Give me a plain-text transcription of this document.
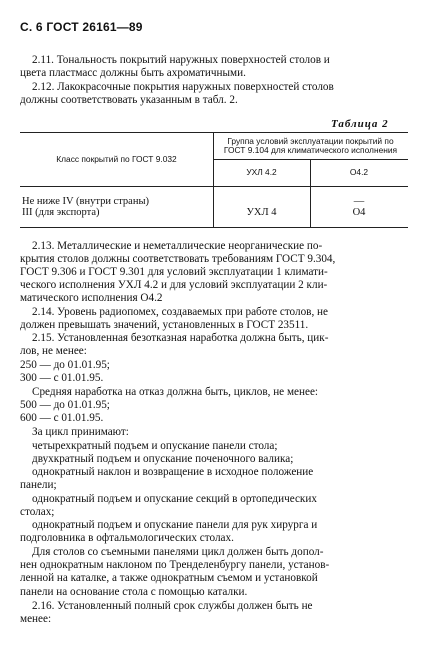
С. 6 ГОСТ 26161—89
2.11. Тональность покрытий наружных поверхностей столов и
цвета пластмасс должны быть ахроматичными.
2.12. Лакокрасочные покрытия наружных поверхностей столов
должны соответствовать указанным в табл. 2.
Таблица 2
Класс покрытий по ГОСТ 9.032
Группа условий эксплуатации покрытий по
ГОСТ 9.104 для климатического исполнения
УХЛ 4.2	О4.2
Не ниже IV (внутри страны)
III (для экспорта)	УХЛ 4
—
О4
2.13. Металлические и неметаллические неорганические по-
крытия столов должны соответствовать требованиям ГОСТ 9.304,
ГОСТ 9.306 и ГОСТ 9.301 для условий эксплуатации 1 климати-
ческого исполнения УХЛ 4.2 и для условий эксплуатации 2 кли-
матического исполнения О4.2
2.14. Уровень радиопомех, создаваемых при работе столов, не
должен превышать значений, установленных в ГОСТ 23511.
2.15. Установленная безотказная наработка должна быть, цик-
лов, не менее:
250 — до 01.01.95;
300 — с 01.01.95.
Средняя наработка на отказ должна быть, циклов, не менее:
500 — до 01.01.95;
600 — с 01.01.95.
За цикл принимают:
четырехкратный подъем и опускание панели стола;
двухкратный подъем и опускание поченочного валика;
однократный наклон и возвращение в исходное положение
панели;
однократный подъем и опускание секций в ортопедических
столах;
однократный подъем и опускание панели для рук хирурга и
подголовника в офтальмологических столах.
Для столов со съемными панелями цикл должен быть допол-
нен однократным наклоном по Тренделенбургу панели, установ-
ленной на каталке, а также однократным съемом и установкой
панели на основание стола с помощью каталки.
2.16. Установленный полный срок службы должен быть не
менее:
